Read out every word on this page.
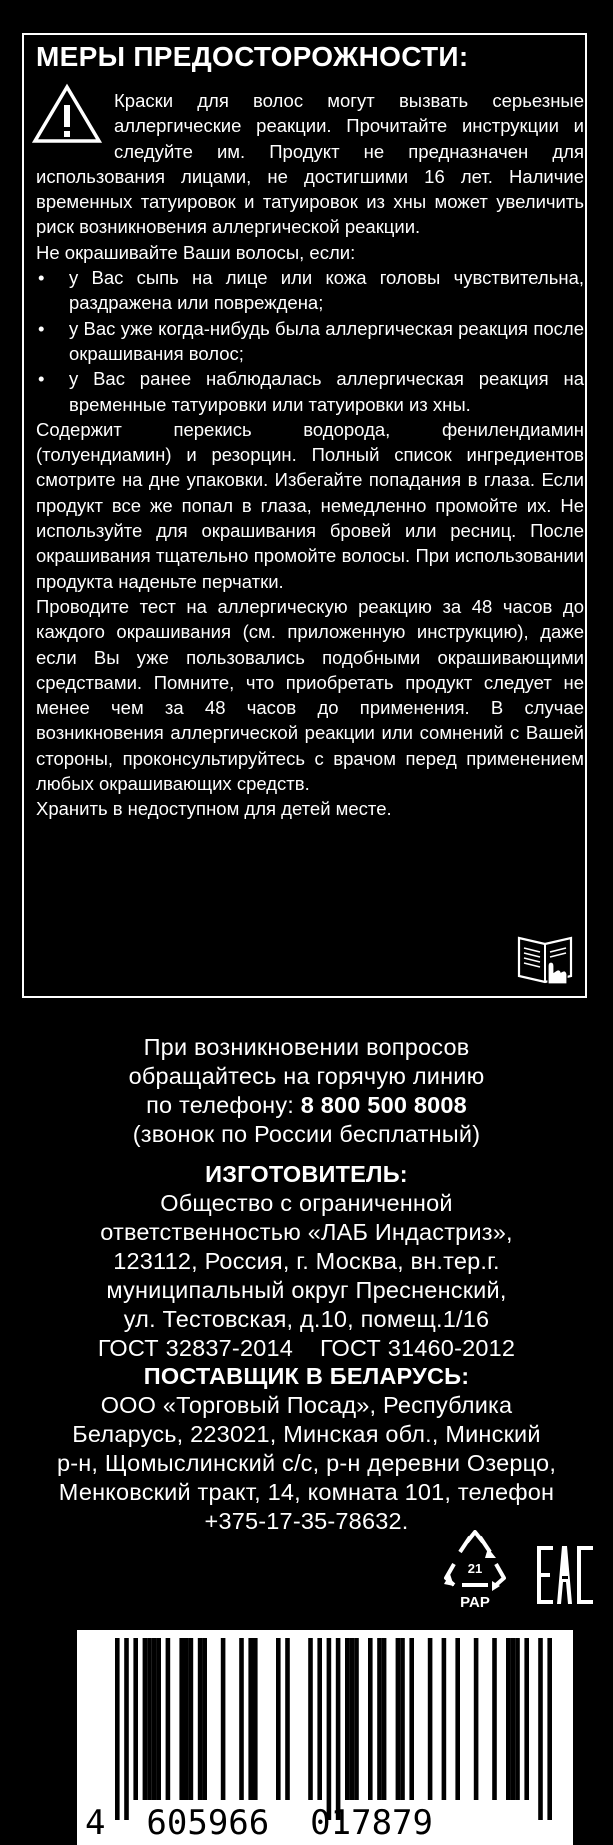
МЕРЫ ПРЕДОСТОРОЖНОСТИ:

Краски для волос могут вызвать серьезные аллергические реакции. Прочитайте инструкции и следуйте им. Продукт не предназначен для использования лицами, не достигшими 16 лет. Наличие временных татуировок и татуировок из хны может увеличить риск возникновения аллергической реакции.

Не окрашивайте Ваши волосы, если:

• у Вас сыпь на лице или кожа головы чувствительна, раздражена или повреждена;
• у Вас уже когда-нибудь была аллергическая реакция после окрашивания волос;
• у Вас ранее наблюдалась аллергическая реакция на временные татуировки или татуировки из хны.

Содержит перекись водорода, фенилендиамин (толуендиамин) и резорцин. Полный список ингредиентов смотрите на дне упаковки. Избегайте попадания в глаза. Если продукт все же попал в глаза, немедленно промойте их. Не используйте для окрашивания бровей или ресниц. После окрашивания тщательно промойте волосы. При использовании продукта наденьте перчатки.

Проводите тест на аллергическую реакцию за 48 часов до каждого окрашивания (см. приложенную инструкцию), даже если Вы уже пользовались подобными окрашивающими средствами. Помните, что приобретать продукт следует не менее чем за 48 часов до применения. В случае возникновения аллергической реакции или сомнений с Вашей стороны, проконсультируйтесь с врачом перед применением любых окрашивающих средств.

Хранить в недоступном для детей месте.

При возникновении вопросов

обращайтесь на горячую линию

по телефону: 8 800 500 8008

(звонок по России бесплатный)

ИЗГОТОВИТЕЛЬ:

Общество с ограниченной

ответственностью «ЛАБ Индастриз»,

123112, Россия, г. Москва, вн.тер.г.

муниципальный округ Пресненский,

ул. Тестовская, д.10, помещ.1/16

ГОСТ 32837-2014    ГОСТ 31460-2012

ПОСТАВЩИК В БЕЛАРУСЬ:

ООО «Торговый Посад», Республика

Беларусь, 223021, Минская обл., Минский

р-н, Щомыслинский с/с, р-н деревни Озерцо,

Менковский тракт, 14, комната 101, телефон

+375-17-35-78632.

21
PAP
4  605966  017879
